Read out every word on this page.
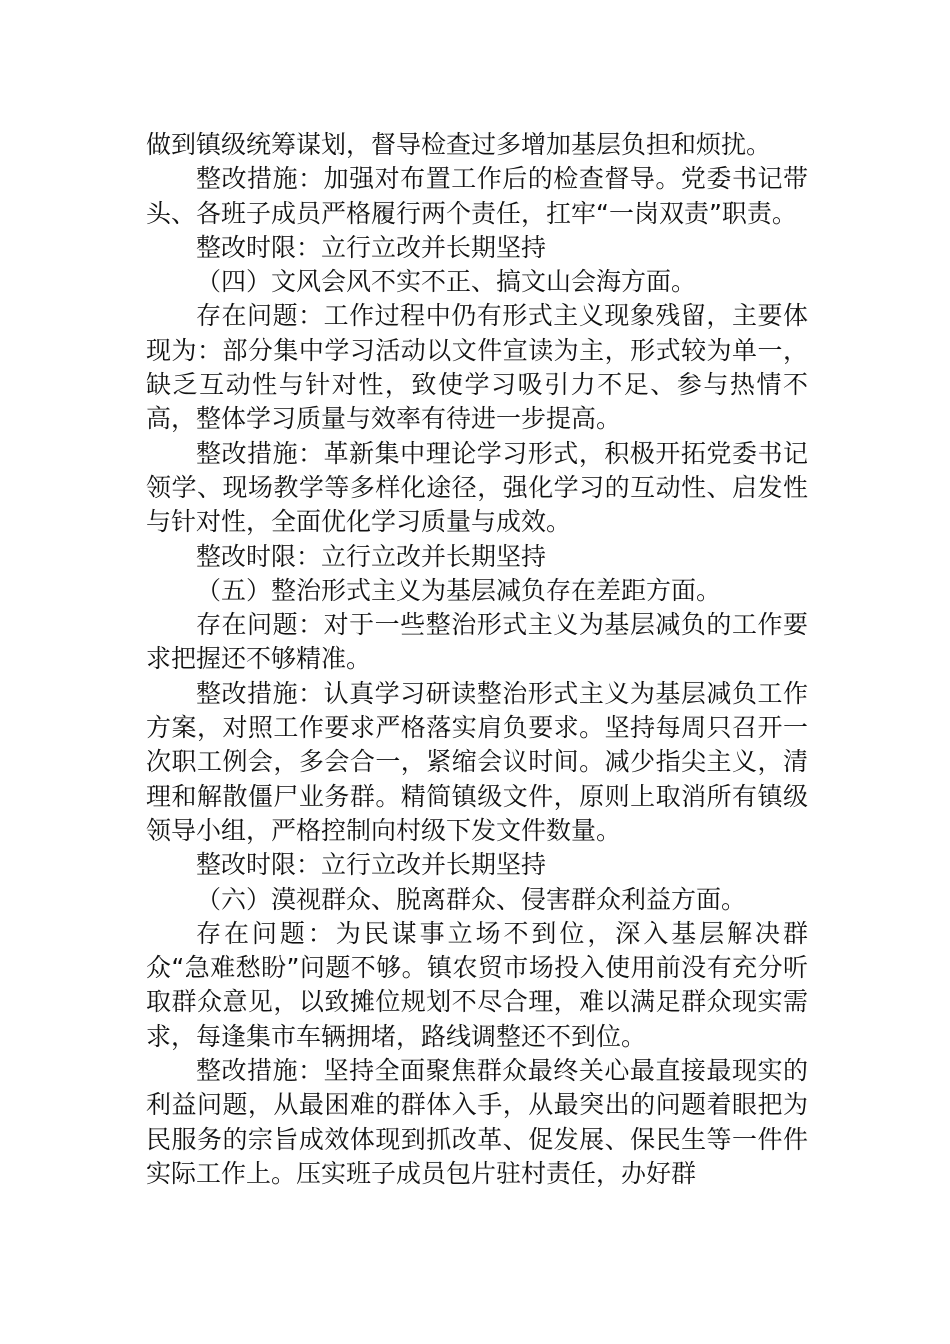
做到镇级统筹谋划，督导检查过多增加基层负担和烦扰。

整改措施：加强对布置工作后的检查督导。党委书记带头、各班子成员严格履行两个责任，扛牢“一岗双责”职责。

整改时限：立行立改并长期坚持

（四）文风会风不实不正、搞文山会海方面。

存在问题：工作过程中仍有形式主义现象残留，主要体现为：部分集中学习活动以文件宣读为主，形式较为单一，缺乏互动性与针对性，致使学习吸引力不足、参与热情不高，整体学习质量与效率有待进一步提高。

整改措施：革新集中理论学习形式，积极开拓党委书记领学、现场教学等多样化途径，强化学习的互动性、启发性与针对性，全面优化学习质量与成效。

整改时限：立行立改并长期坚持

（五）整治形式主义为基层减负存在差距方面。

存在问题：对于一些整治形式主义为基层减负的工作要求把握还不够精准。

整改措施：认真学习研读整治形式主义为基层减负工作方案，对照工作要求严格落实肩负要求。坚持每周只召开一次职工例会，多会合一，紧缩会议时间。减少指尖主义，清理和解散僵尸业务群。精简镇级文件，原则上取消所有镇级领导小组，严格控制向村级下发文件数量。

整改时限：立行立改并长期坚持

（六）漠视群众、脱离群众、侵害群众利益方面。

存在问题：为民谋事立场不到位，深入基层解决群众“急难愁盼”问题不够。镇农贸市场投入使用前没有充分听取群众意见，以致摊位规划不尽合理，难以满足群众现实需求，每逢集市车辆拥堵，路线调整还不到位。

整改措施：坚持全面聚焦群众最终关心最直接最现实的利益问题，从最困难的群体入手，从最突出的问题着眼把为民服务的宗旨成效体现到抓改革、促发展、保民生等一件件实际工作上。压实班子成员包片驻村责任，办好群
